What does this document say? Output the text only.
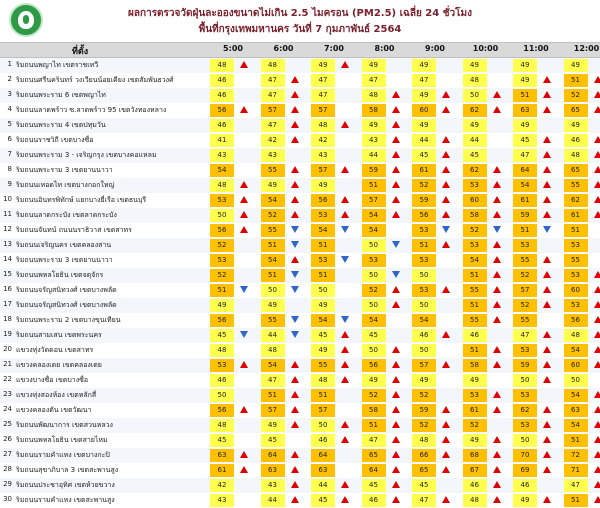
ผลการตรวจวัดฝุ่นละอองขนาดไม่เกิน 2.5 ไมครอน (PM2.5) เฉลี่ย 24 ชั่วโมง
พื้นที่กรุงเทพมหานคร วันที่ 7 กุมภาพันธ์ 2564
ที่ตั้ง	5:00	6:00	7:00	8:00	9:00	10:00	11:00	12:00
1 ริมถนนพญาไท เขตราชเทวี	48	48	49	49	49	49	49	49
2 ริมถนนศรีนครินทร์ วงเวียนน้อยเคียง เขตสัมพันธวงศ์	46	47	47	47	47	48	49	51
3 ริมถนนพระราม 6 เขตพญาไท	46	47	47	48	49	50	51	52
4 ริมถนนลาดพร้าว ซ.ลาดพร้าว 95 เขตวังทองหลาง	56	57	57	58	60	62	63	65
5 ริมถนนพระราม 4 เขตปทุมวัน	46	47	48	49	49	49	49	49
6 ริมถนนราชวิถี เขตบางซื่อ	41	42	42	43	44	44	45	46
7 ริมถนนพระราม 3 - เจริญกรุง เขตบางคอแหลม	43	43	43	44	45	45	47	48
8 ริมถนนพระราม 3 เขตยานนาวา	54	55	57	59	61	62	64	65
9 ริมถนนเทอดไท เขตบางกอกใหญ่	48	49	49	51	52	53	54	55
10 ริมถนนอินทรพิทักษ์ แยกบางยี่เรือ เขตธนบุรี	53	54	56	57	59	60	61	62
11 ริมถนนลาดกระบัง เขตลาดกระบัง	50	52	53	54	56	58	59	61
12 ริมถนนจันทน์ ถนนนราธิวาส เขตสาทร	56	55	54	54	53	52	51	51
13 ริมถนนเจริญนคร เขตคลองสาน	52	51	51	50	51	53	53	53
14 ริมถนนพระราม 3 เขตยานนาวา	53	54	53	53	53	54	55	55
15 ริมถนนพหลโยธิน เขตจตุจักร	52	51	51	50	50	51	52	53
16 ริมถนนจรัญสนิทวงศ์ เขตบางพลัด	51	50	50	52	53	55	57	60
17 ริมถนนจรัญสนิทวงศ์ เขตบางพลัด	49	49	49	50	50	51	52	53
18 ริมถนนพระราม 2 เขตบางขุนเทียน	56	55	54	54	54	55	55	56
19 ริมถนนสามเสน เขตพระนคร	45	44	45	45	46	46	47	48
20 แขวงทุ่งวัดดอน เขตสาทร	48	48	49	50	50	51	53	54
21 แขวงคลองเตย เขตคลองเตย	53	54	55	56	57	58	59	60
22 แขวงบางซื่อ เขตบางซื่อ	46	47	48	49	49	49	50	50
23 แขวงทุ่งสองห้อง เขตหลักสี่	50	51	51	52	52	53	53	54
24 แขวงคลองตัน เขตวัฒนา	56	57	57	58	59	61	62	63
25 ริมถนนพัฒนาการ เขตสวนหลวง	48	49	50	51	52	52	53	54
26 ริมถนนพหลโยธิน เขตสายไหม	45	45	46	47	48	49	50	51
27 ริมถนนรามคำแหง เขตบางกะปิ	63	64	64	65	66	68	70	72
28 ริมถนนสุขาภิบาล 3 เขตสะพานสูง	61	63	63	64	65	67	69	71
29 ริมถนนประชาอุทิศ เขตห้วยขวาง	42	43	44	45	45	46	46	47
30 ริมถนนรามคำแหง เขตสะพานสูง	43	44	45	46	47	48	49	51
